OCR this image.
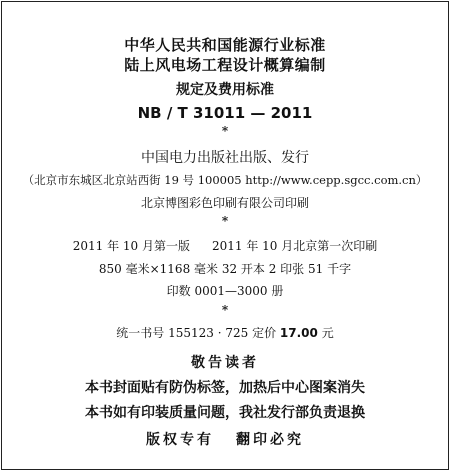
中华人民共和国能源行业标准
陆上风电场工程设计概算编制
规定及费用标准
NB / T 31011 — 2011
*
中国电力出版社出版、发行
（北京市东城区北京站西街 19 号 100005 http://www.cepp.sgcc.com.cn）
北京博图彩色印刷有限公司印刷
*
2011 年 10 月第一版 2011 年 10 月北京第一次印刷
850 毫米×1168 毫米 32 开本 2 印张 51 千字
印数 0001—3000 册
*
统一书号 155123 · 725 定价 17.00 元
敬告读者
本书封面贴有防伪标签，加热后中心图案消失
本书如有印装质量问题，我社发行部负责退换
版权专有 翻印必究
